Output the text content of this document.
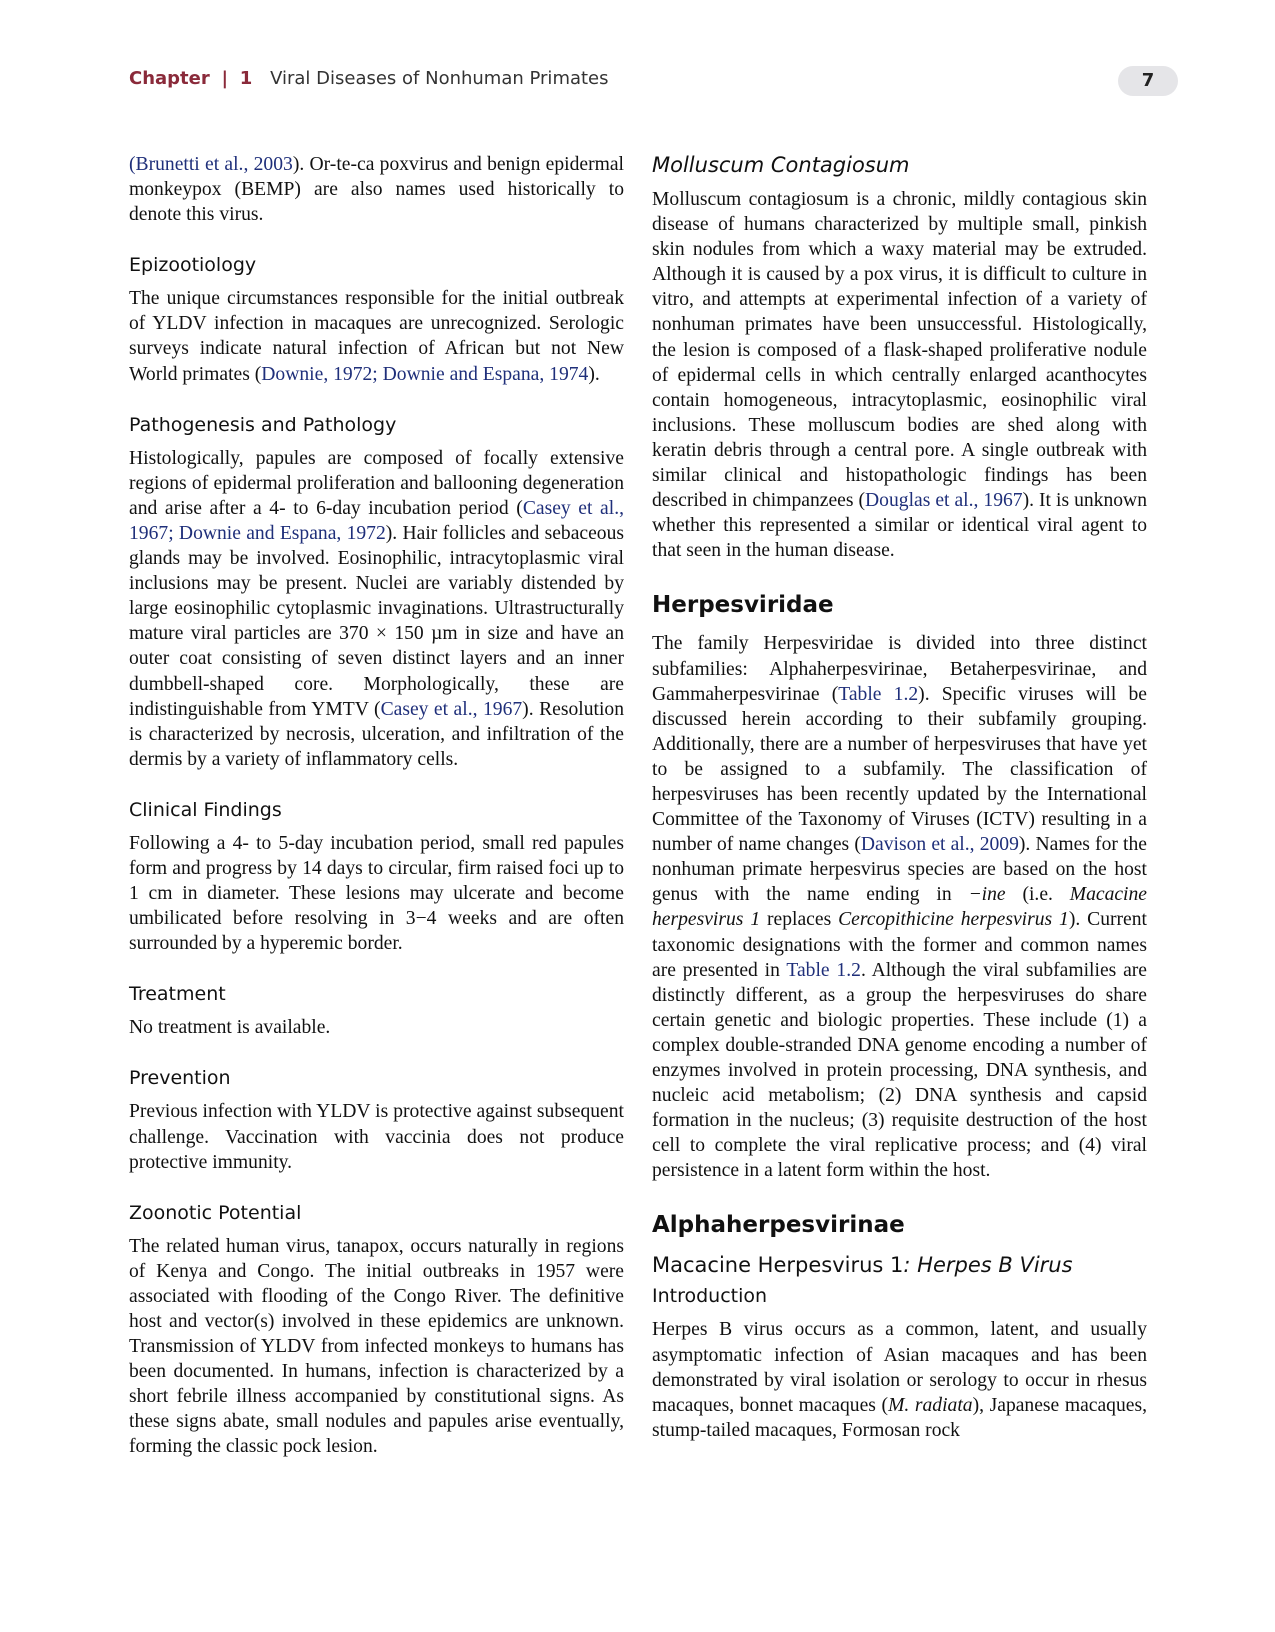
Chapter | 1 Viral Diseases of Nonhuman Primates	7

(Brunetti et al., 2003). Or-te-ca poxvirus and benign epidermal monkeypox (BEMP) are also names used historically to denote this virus.

Epizootiology

The unique circumstances responsible for the initial outbreak of YLDV infection in macaques are unrecognized. Serologic surveys indicate natural infection of African but not New World primates (Downie, 1972; Downie and Espana, 1974).

Pathogenesis and Pathology

Histologically, papules are composed of focally extensive regions of epidermal proliferation and ballooning degeneration and arise after a 4- to 6-day incubation period (Casey et al., 1967; Downie and Espana, 1972). Hair follicles and sebaceous glands may be involved. Eosinophilic, intracytoplasmic viral inclusions may be present. Nuclei are variably distended by large eosinophilic cytoplasmic invaginations. Ultrastructurally mature viral particles are 370 × 150 µm in size and have an outer coat consisting of seven distinct layers and an inner dumbbell-shaped core. Morphologically, these are indistinguishable from YMTV (Casey et al., 1967). Resolution is characterized by necrosis, ulceration, and infiltration of the dermis by a variety of inflammatory cells.

Clinical Findings

Following a 4- to 5-day incubation period, small red papules form and progress by 14 days to circular, firm raised foci up to 1 cm in diameter. These lesions may ulcerate and become umbilicated before resolving in 3−4 weeks and are often surrounded by a hyperemic border.

Treatment

No treatment is available.

Prevention

Previous infection with YLDV is protective against subsequent challenge. Vaccination with vaccinia does not produce protective immunity.

Zoonotic Potential

The related human virus, tanapox, occurs naturally in regions of Kenya and Congo. The initial outbreaks in 1957 were associated with flooding of the Congo River. The definitive host and vector(s) involved in these epidemics are unknown. Transmission of YLDV from infected monkeys to humans has been documented. In humans, infection is characterized by a short febrile illness accompanied by constitutional signs. As these signs abate, small nodules and papules arise eventually, forming the classic pock lesion.

Molluscum Contagiosum

Molluscum contagiosum is a chronic, mildly contagious skin disease of humans characterized by multiple small, pinkish skin nodules from which a waxy material may be extruded. Although it is caused by a pox virus, it is difficult to culture in vitro, and attempts at experimental infection of a variety of nonhuman primates have been unsuccessful. Histologically, the lesion is composed of a flask-shaped proliferative nodule of epidermal cells in which centrally enlarged acanthocytes contain homogeneous, intracytoplasmic, eosinophilic viral inclusions. These molluscum bodies are shed along with keratin debris through a central pore. A single outbreak with similar clinical and histopathologic findings has been described in chimpanzees (Douglas et al., 1967). It is unknown whether this represented a similar or identical viral agent to that seen in the human disease.

Herpesviridae

The family Herpesviridae is divided into three distinct subfamilies: Alphaherpesvirinae, Betaherpesvirinae, and Gammaherpesvirinae (Table 1.2). Specific viruses will be discussed herein according to their subfamily grouping. Additionally, there are a number of herpesviruses that have yet to be assigned to a subfamily. The classification of herpesviruses has been recently updated by the International Committee of the Taxonomy of Viruses (ICTV) resulting in a number of name changes (Davison et al., 2009). Names for the nonhuman primate herpesvirus species are based on the host genus with the name ending in −ine (i.e. Macacine herpesvirus 1 replaces Cercopithicine herpesvirus 1). Current taxonomic designations with the former and common names are presented in Table 1.2. Although the viral subfamilies are distinctly different, as a group the herpesviruses do share certain genetic and biologic properties. These include (1) a complex double-stranded DNA genome encoding a number of enzymes involved in protein processing, DNA synthesis, and nucleic acid metabolism; (2) DNA synthesis and capsid formation in the nucleus; (3) requisite destruction of the host cell to complete the viral replicative process; and (4) viral persistence in a latent form within the host.

Alphaherpesvirinae
Macacine Herpesvirus 1: Herpes B Virus
Introduction

Herpes B virus occurs as a common, latent, and usually asymptomatic infection of Asian macaques and has been demonstrated by viral isolation or serology to occur in rhesus macaques, bonnet macaques (M. radiata), Japanese macaques, stump-tailed macaques, Formosan rock
